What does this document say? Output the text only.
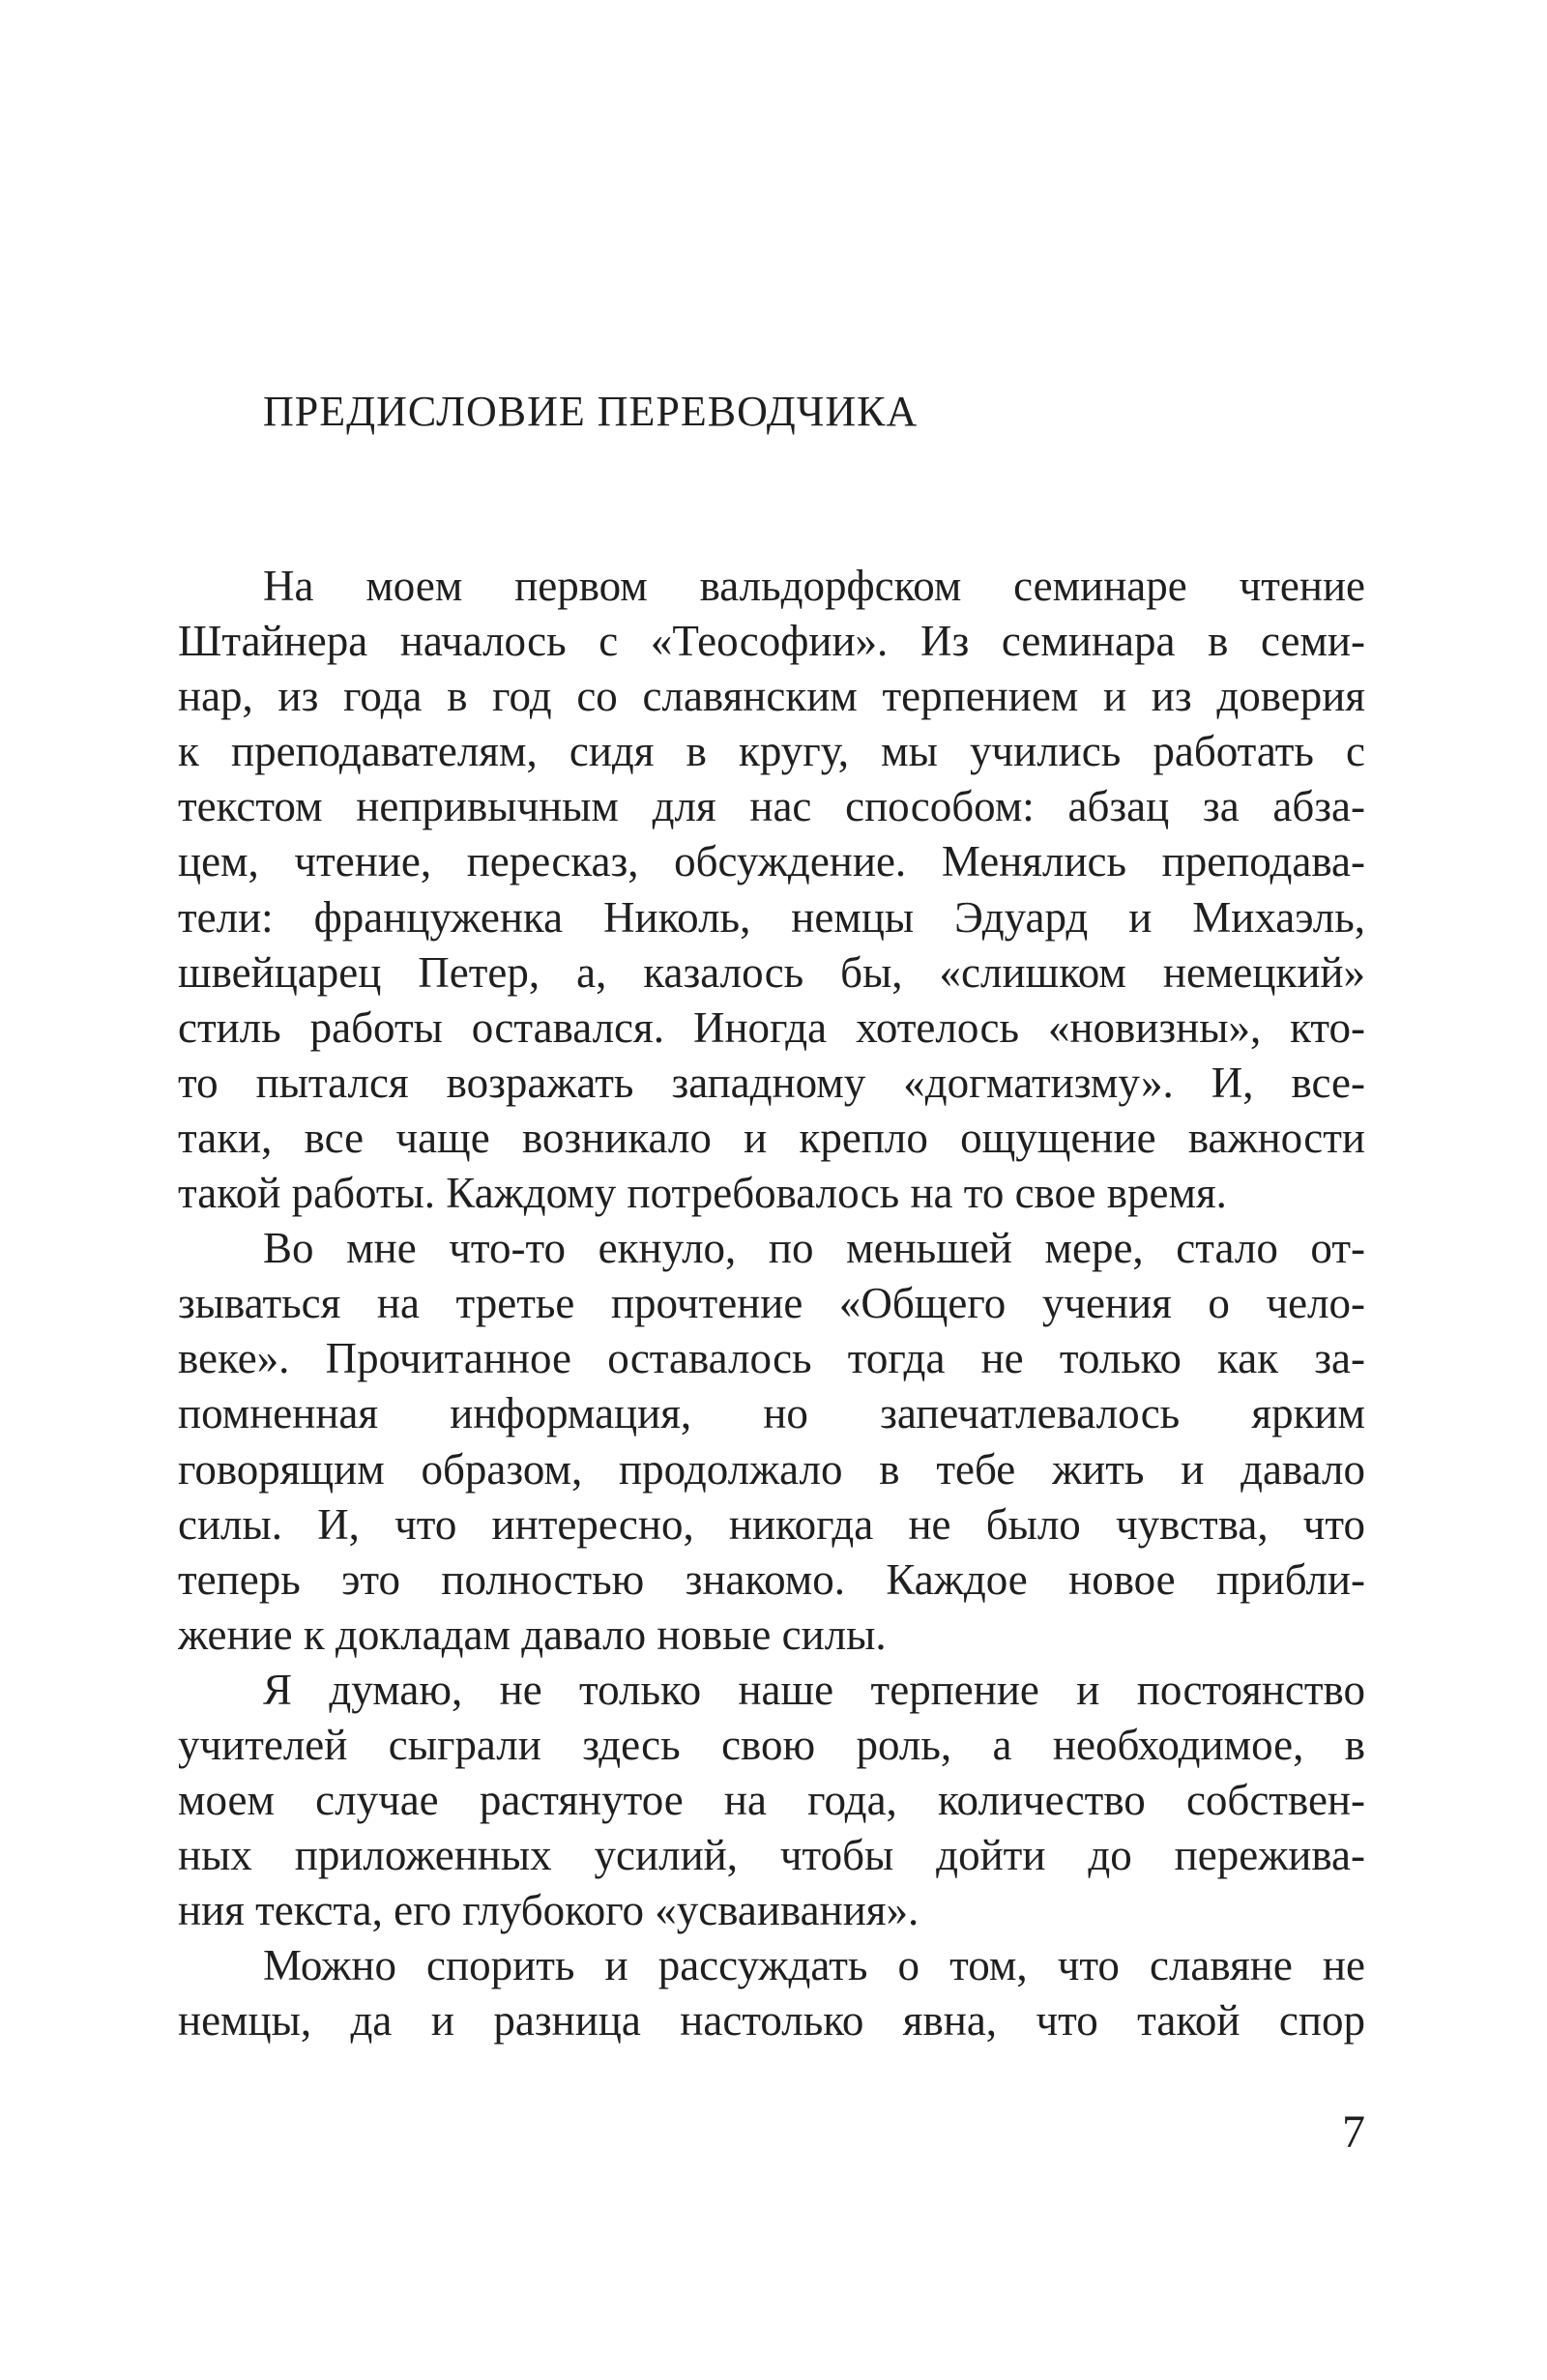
ПРЕДИСЛОВИЕ ПЕРЕВОДЧИКА
На моем первом вальдорфском семинаре чтение
Штайнера началось с «Теософии». Из семинара в семи-
нар, из года в год со славянским терпением и из доверия
к преподавателям, сидя в кругу, мы учились работать с
текстом непривычным для нас способом: абзац за абза-
цем, чтение, пересказ, обсуждение. Менялись преподава-
тели: француженка Николь, немцы Эдуард и Михаэль,
швейцарец Петер, а, казалось бы, «слишком немецкий»
стиль работы оставался. Иногда хотелось «новизны», кто-
то пытался возражать западному «догматизму». И, все-
таки, все чаще возникало и крепло ощущение важности
такой работы. Каждому потребовалось на то свое время.
Во мне что-то екнуло, по меньшей мере, стало от-
зываться на третье прочтение «Общего учения о чело-
веке». Прочитанное оставалось тогда не только как за-
помненная информация, но запечатлевалось ярким
говорящим образом, продолжало в тебе жить и давало
силы. И, что интересно, никогда не было чувства, что
теперь это полностью знакомо. Каждое новое прибли-
жение к докладам давало новые силы.
Я думаю, не только наше терпение и постоянство
учителей сыграли здесь свою роль, а необходимое, в
моем случае растянутое на года, количество собствен-
ных приложенных усилий, чтобы дойти до пережива-
ния текста, его глубокого «усваивания».
Можно спорить и рассуждать о том, что славяне не
немцы, да и разница настолько явна, что такой спор

7
